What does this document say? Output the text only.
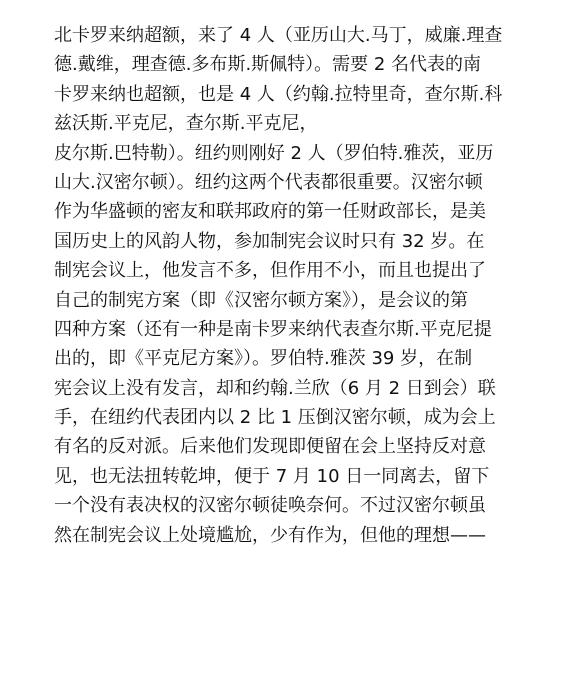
北卡罗来纳超额，来了 4 人（亚历山大.马丁，威廉.理查
德.戴维，理查德.多布斯.斯佩特）。需要 2 名代表的南
卡罗来纳也超额，也是 4 人（约翰.拉特里奇，查尔斯.科
兹沃斯.平克尼，查尔斯.平克尼，
皮尔斯.巴特勒）。纽约则刚好 2 人（罗伯特.雅茨，亚历
山大.汉密尔顿）。纽约这两个代表都很重要。汉密尔顿
作为华盛顿的密友和联邦政府的第一任财政部长，是美
国历史上的风韵人物，参加制宪会议时只有 32 岁。在
制宪会议上，他发言不多，但作用不小，而且也提出了
自己的制宪方案（即《汉密尔顿方案》），是会议的第
四种方案（还有一种是南卡罗来纳代表查尔斯.平克尼提
出的，即《平克尼方案》）。罗伯特.雅茨 39 岁，在制
宪会议上没有发言，却和约翰.兰欣（6 月 2 日到会）联
手，在纽约代表团内以 2 比 1 压倒汉密尔顿，成为会上
有名的反对派。后来他们发现即便留在会上坚持反对意
见，也无法扭转乾坤，便于 7 月 10 日一同离去，留下
一个没有表决权的汉密尔顿徒唤奈何。不过汉密尔顿虽
然在制宪会议上处境尴尬，少有作为，但他的理想——
